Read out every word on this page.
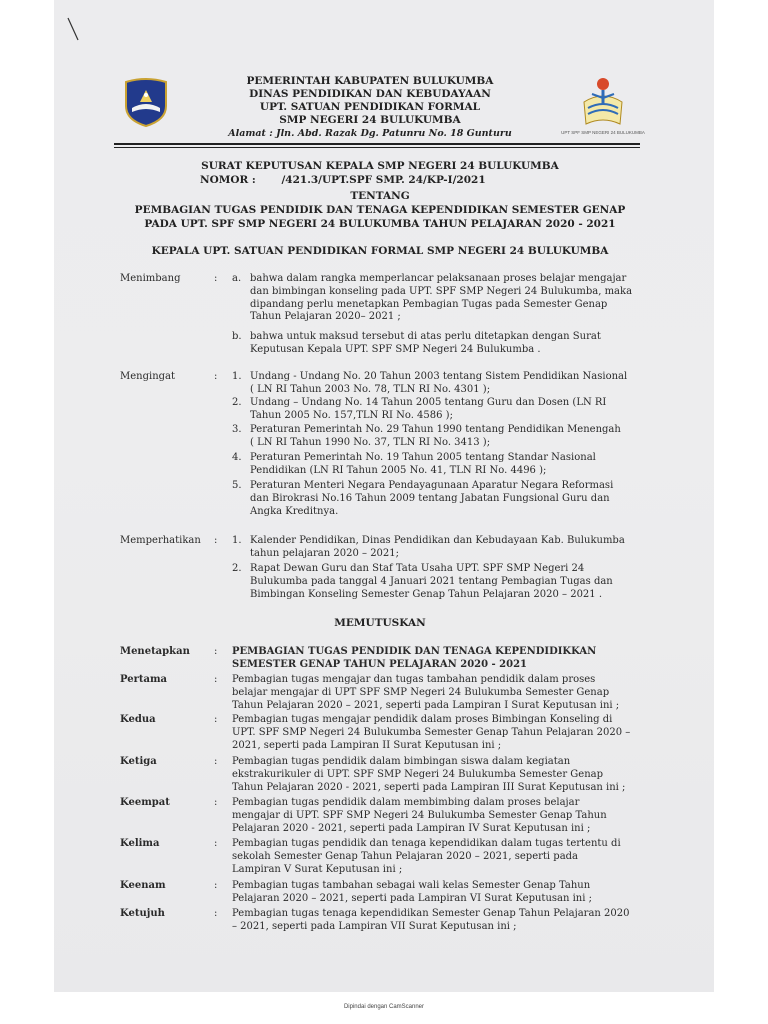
UPT SPF SMP NEGERI 24 BULUKUMBA
PEMERINTAH KABUPATEN BULUKUMBA
DINAS PENDIDIKAN DAN KEBUDAYAAN
UPT. SATUAN PENDIDIKAN FORMAL
SMP NEGERI 24 BULUKUMBA
Alamat : Jln. Abd. Razak Dg. Patunru No. 18 Gunturu
SURAT KEPUTUSAN KEPALA SMP NEGERI 24 BULUKUMBA
NOMOR : /421.3/UPT.SPF SMP. 24/KP-I/2021
TENTANG
PEMBAGIAN TUGAS PENDIDIK DAN TENAGA KEPENDIDIKAN SEMESTER GENAP
PADA UPT. SPF SMP NEGERI 24 BULUKUMBA TAHUN PELAJARAN 2020 - 2021
KEPALA UPT. SATUAN PENDIDIKAN FORMAL SMP NEGERI 24 BULUKUMBA
Menimbang	: a. bahwa dalam rangka memperlancar pelaksanaan proses belajar mengajar
dan bimbingan konseling pada UPT. SPF SMP Negeri 24 Bulukumba, maka
dipandang perlu menetapkan Pembagian Tugas pada Semester Genap
Tahun Pelajaran 2020– 2021 ;
b. bahwa untuk maksud tersebut di atas perlu ditetapkan dengan Surat
Keputusan Kepala UPT. SPF SMP Negeri 24 Bulukumba .
Mengingat	: 1. Undang - Undang No. 20 Tahun 2003 tentang Sistem Pendidikan Nasional
( LN RI Tahun 2003 No. 78, TLN RI No. 4301 );
2. Undang – Undang No. 14 Tahun 2005 tentang Guru dan Dosen (LN RI
Tahun 2005 No. 157,TLN RI No. 4586 );
3. Peraturan Pemerintah No. 29 Tahun 1990 tentang Pendidikan Menengah
( LN RI Tahun 1990 No. 37, TLN RI No. 3413 );
4. Peraturan Pemerintah No. 19 Tahun 2005 tentang Standar Nasional
Pendidikan (LN RI Tahun 2005 No. 41, TLN RI No. 4496 );
5. Peraturan Menteri Negara Pendayagunaan Aparatur Negara Reformasi
dan Birokrasi No.16 Tahun 2009 tentang Jabatan Fungsional Guru dan
Angka Kreditnya.
Memperhatikan : 1. Kalender Pendidikan, Dinas Pendidikan dan Kebudayaan Kab. Bulukumba
tahun pelajaran 2020 – 2021;
2. Rapat Dewan Guru dan Staf Tata Usaha UPT. SPF SMP Negeri 24
Bulukumba pada tanggal 4 Januari 2021 tentang Pembagian Tugas dan
Bimbingan Konseling Semester Genap Tahun Pelajaran 2020 – 2021 .
MEMUTUSKAN
Menetapkan : PEMBAGIAN TUGAS PENDIDIK DAN TENAGA KEPENDIDIKKAN
SEMESTER GENAP TAHUN PELAJARAN 2020 - 2021
Pertama	: Pembagian tugas mengajar dan tugas tambahan pendidik dalam proses
belajar mengajar di UPT SPF SMP Negeri 24 Bulukumba Semester Genap
Tahun Pelajaran 2020 – 2021, seperti pada Lampiran I Surat Keputusan ini ;
Kedua	: Pembagian tugas mengajar pendidik dalam proses Bimbingan Konseling di
UPT. SPF SMP Negeri 24 Bulukumba Semester Genap Tahun Pelajaran 2020 –
2021, seperti pada Lampiran II Surat Keputusan ini ;
Ketiga	: Pembagian tugas pendidik dalam bimbingan siswa dalam kegiatan
ekstrakurikuler di UPT. SPF SMP Negeri 24 Bulukumba Semester Genap
Tahun Pelajaran 2020 - 2021, seperti pada Lampiran III Surat Keputusan ini ;
Keempat	: Pembagian tugas pendidik dalam membimbing dalam proses belajar
mengajar di UPT. SPF SMP Negeri 24 Bulukumba Semester Genap Tahun
Pelajaran 2020 - 2021, seperti pada Lampiran IV Surat Keputusan ini ;
Kelima	: Pembagian tugas pendidik dan tenaga kependidikan dalam tugas tertentu di
sekolah Semester Genap Tahun Pelajaran 2020 – 2021, seperti pada
Lampiran V Surat Keputusan ini ;
Keenam	: Pembagian tugas tambahan sebagai wali kelas Semester Genap Tahun
Pelajaran 2020 – 2021, seperti pada Lampiran VI Surat Keputusan ini ;
Ketujuh	: Pembagian tugas tenaga kependidikan Semester Genap Tahun Pelajaran 2020
– 2021, seperti pada Lampiran VII Surat Keputusan ini ;
Dipindai dengan CamScanner
